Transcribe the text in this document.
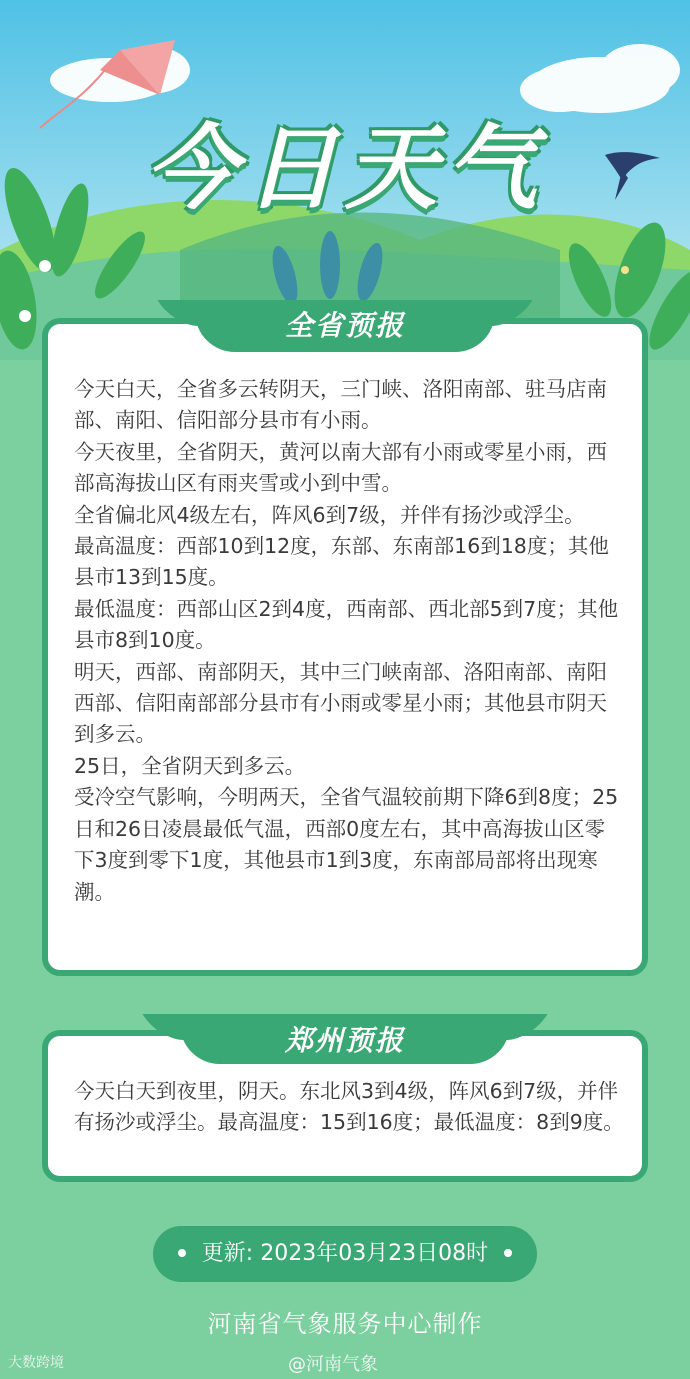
今日天气
全省预报

今天白天，全省多云转阴天，三门峡、洛阳南部、驻马店南部、南阳、信阳部分县市有小雨。

今天夜里，全省阴天，黄河以南大部有小雨或零星小雨，西部高海拔山区有雨夹雪或小到中雪。

全省偏北风4级左右，阵风6到7级，并伴有扬沙或浮尘。

最高温度：西部10到12度，东部、东南部16到18度；其他县市13到15度。

最低温度：西部山区2到4度，西南部、西北部5到7度；其他县市8到10度。

明天，西部、南部阴天，其中三门峡南部、洛阳南部、南阳西部、信阳南部部分县市有小雨或零星小雨；其他县市阴天到多云。

25日，全省阴天到多云。

受冷空气影响，今明两天，全省气温较前期下降6到8度；25日和26日凌晨最低气温，西部0度左右，其中高海拔山区零下3度到零下1度，其他县市1到3度，东南部局部将出现寒潮。

郑州预报

今天白天到夜里，阴天。东北风3到4级，阵风6到7级，并伴有扬沙或浮尘。最高温度：15到16度；最低温度：8到9度。

更新: 2023年03月23日08时
河南省气象服务中心制作
大数跨境	@河南气象
